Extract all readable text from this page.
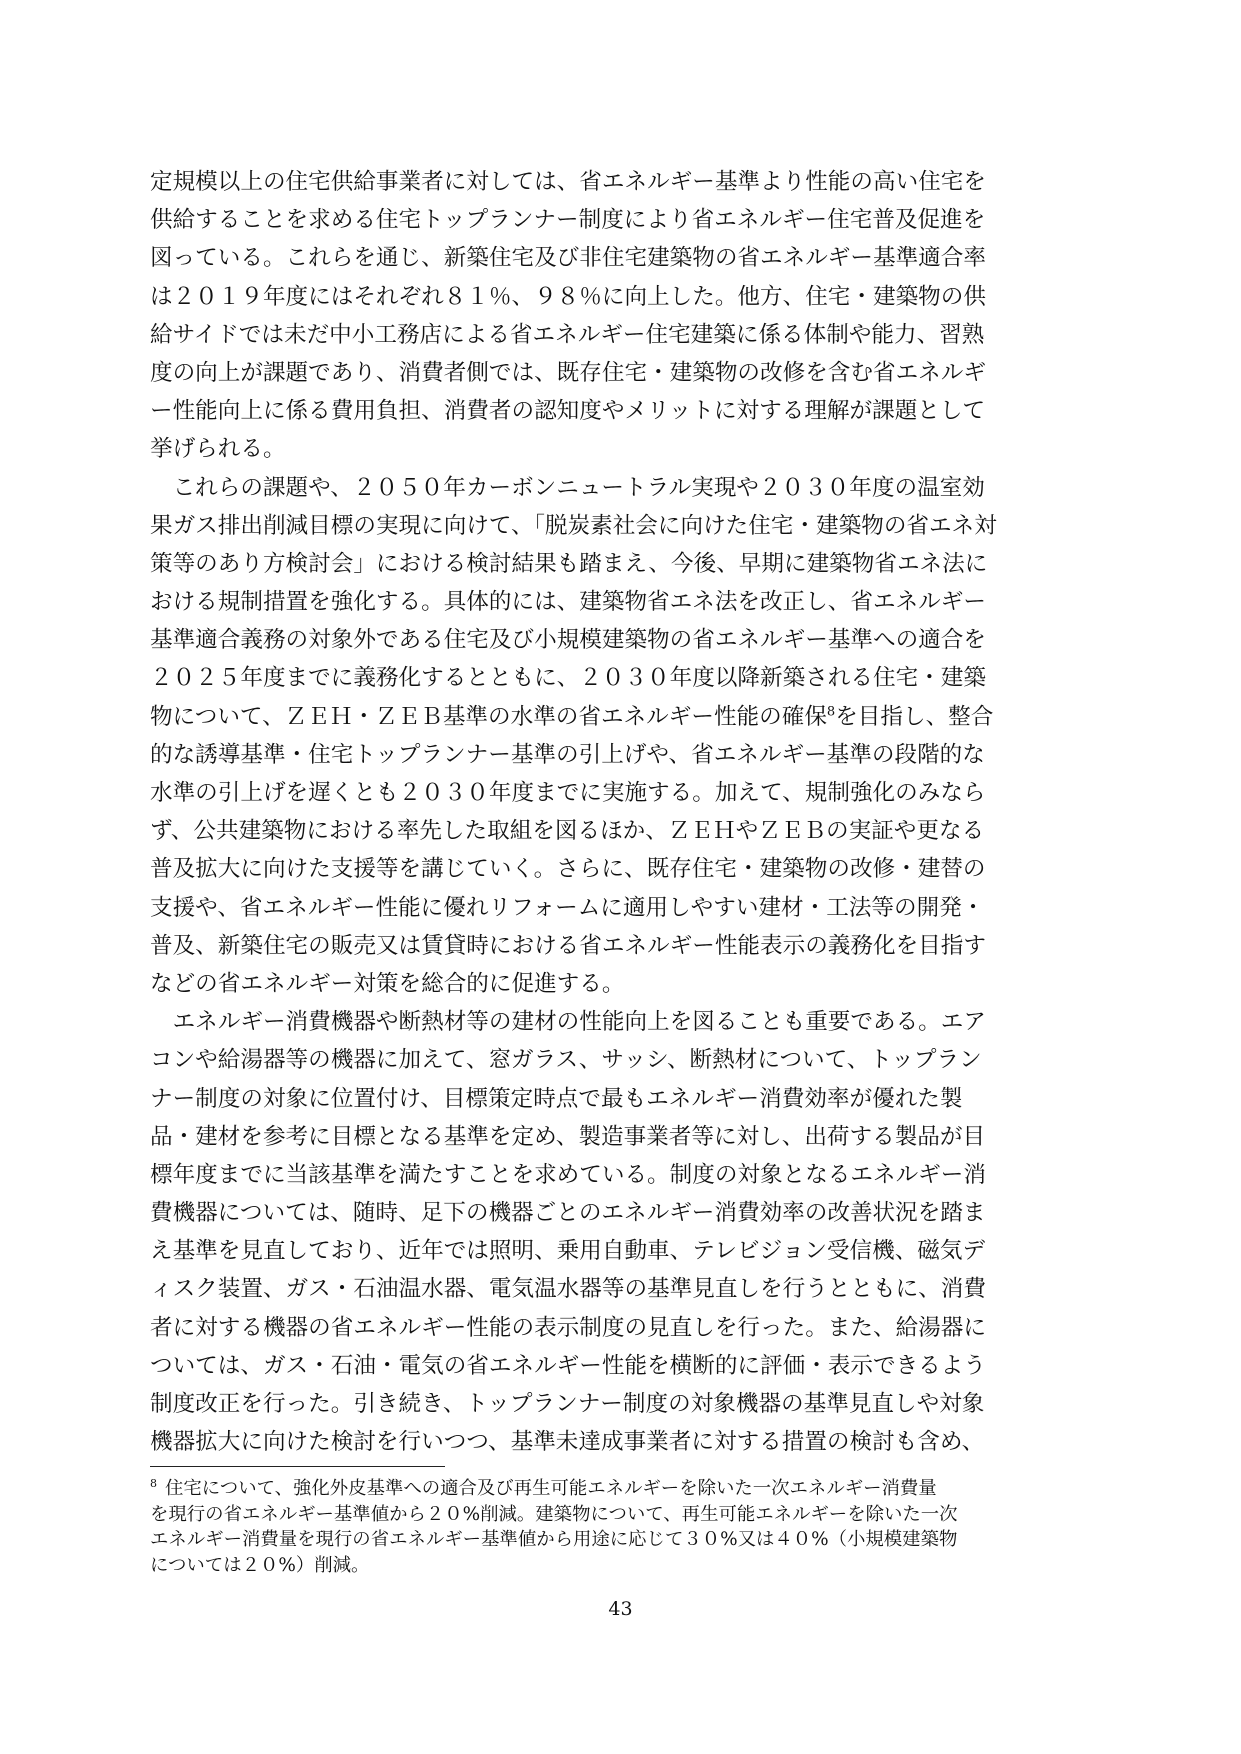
定規模以上の住宅供給事業者に対しては、省エネルギー基準より性能の高い住宅を
供給することを求める住宅トップランナー制度により省エネルギー住宅普及促進を
図っている。これらを通じ、新築住宅及び非住宅建築物の省エネルギー基準適合率
は２０１９年度にはそれぞれ８１％、９８％に向上した。他方、住宅・建築物の供
給サイドでは未だ中小工務店による省エネルギー住宅建築に係る体制や能力、習熟
度の向上が課題であり、消費者側では、既存住宅・建築物の改修を含む省エネルギ
ー性能向上に係る費用負担、消費者の認知度やメリットに対する理解が課題として
挙げられる。
　これらの課題や、２０５０年カーボンニュートラル実現や２０３０年度の温室効
果ガス排出削減目標の実現に向けて、「脱炭素社会に向けた住宅・建築物の省エネ対
策等のあり方検討会」における検討結果も踏まえ、今後、早期に建築物省エネ法に
おける規制措置を強化する。具体的には、建築物省エネ法を改正し、省エネルギー
基準適合義務の対象外である住宅及び小規模建築物の省エネルギー基準への適合を
２０２５年度までに義務化するとともに、２０３０年度以降新築される住宅・建築
物について、ＺＥＨ・ＺＥＢ基準の水準の省エネルギー性能の確保$^8$を目指し、整合
的な誘導基準・住宅トップランナー基準の引上げや、省エネルギー基準の段階的な
水準の引上げを遅くとも２０３０年度までに実施する。加えて、規制強化のみなら
ず、公共建築物における率先した取組を図るほか、ＺＥＨやＺＥＢの実証や更なる
普及拡大に向けた支援等を講じていく。さらに、既存住宅・建築物の改修・建替の
支援や、省エネルギー性能に優れリフォームに適用しやすい建材・工法等の開発・
普及、新築住宅の販売又は賃貸時における省エネルギー性能表示の義務化を目指す
などの省エネルギー対策を総合的に促進する。
　エネルギー消費機器や断熱材等の建材の性能向上を図ることも重要である。エア
コンや給湯器等の機器に加えて、窓ガラス、サッシ、断熱材について、トップラン
ナー制度の対象に位置付け、目標策定時点で最もエネルギー消費効率が優れた製
品・建材を参考に目標となる基準を定め、製造事業者等に対し、出荷する製品が目
標年度までに当該基準を満たすことを求めている。制度の対象となるエネルギー消
費機器については、随時、足下の機器ごとのエネルギー消費効率の改善状況を踏ま
え基準を見直しており、近年では照明、乗用自動車、テレビジョン受信機、磁気デ
ィスク装置、ガス・石油温水器、電気温水器等の基準見直しを行うとともに、消費
者に対する機器の省エネルギー性能の表示制度の見直しを行った。また、給湯器に
ついては、ガス・石油・電気の省エネルギー性能を横断的に評価・表示できるよう
制度改正を行った。引き続き、トップランナー制度の対象機器の基準見直しや対象
機器拡大に向けた検討を行いつつ、基準未達成事業者に対する措置の検討も含め、
$^8$ 住宅について、強化外皮基準への適合及び再生可能エネルギーを除いた一次エネルギー消費量
を現行の省エネルギー基準値から２０%削減。建築物について、再生可能エネルギーを除いた一次
エネルギー消費量を現行の省エネルギー基準値から用途に応じて３０%又は４０%（小規模建築物
については２０%）削減。
43
